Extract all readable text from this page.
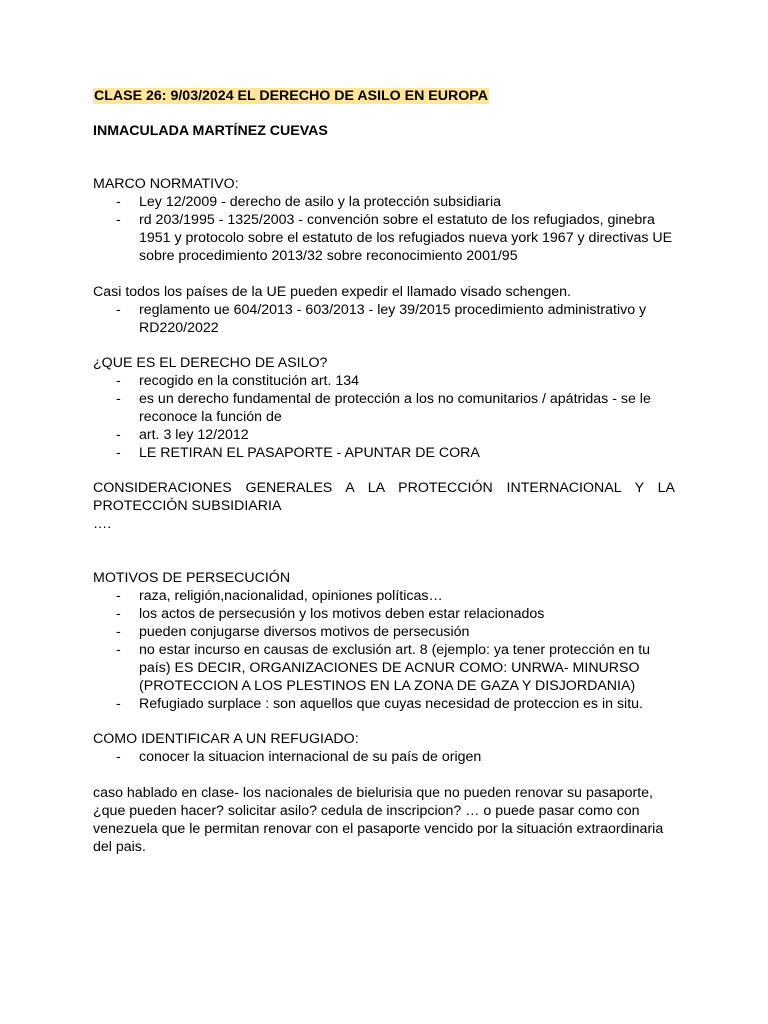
CLASE 26: 9/03/2024 EL DERECHO DE ASILO EN EUROPA

INMACULADA MARTÍNEZ CUEVAS

MARCO NORMATIVO:

- Ley 12/2009 - derecho de asilo y la protección subsidiaria
- rd 203/1995 - 1325/2003 - convención sobre el estatuto de los refugiados, ginebra 1951 y protocolo sobre el estatuto de los refugiados nueva york 1967 y directivas UE sobre procedimiento 2013/32 sobre reconocimiento 2001/95

Casi todos los países de la UE pueden expedir el llamado visado schengen.

- reglamento ue 604/2013 - 603/2013 - ley 39/2015 procedimiento administrativo y RD220/2022

¿QUE ES EL DERECHO DE ASILO?

- recogido en la constitución art. 134
- es un derecho fundamental de protección a los no comunitarios / apátridas - se le reconoce la función de
- art. 3 ley 12/2012
- LE RETIRAN EL PASAPORTE - APUNTAR DE CORA

CONSIDERACIONES GENERALES A LA PROTECCIÓN INTERNACIONAL Y LA

PROTECCIÓN SUBSIDIARIA

….

MOTIVOS DE PERSECUCIÓN

- raza, religión,nacionalidad, opiniones políticas…
- los actos de persecusión y los motivos deben estar relacionados
- pueden conjugarse diversos motivos de persecusión
- no estar incurso en causas de exclusión art. 8 (ejemplo: ya tener protección en tu país) ES DECIR, ORGANIZACIONES DE ACNUR COMO: UNRWA- MINURSO (PROTECCION A LOS PLESTINOS EN LA ZONA DE GAZA Y DISJORDANIA)
- Refugiado surplace : son aquellos que cuyas necesidad de proteccion es in situ.

COMO IDENTIFICAR A UN REFUGIADO:

- conocer la situacion internacional de su país de origen

caso hablado en clase- los nacionales de bielurisia que no pueden renovar su pasaporte, ¿que pueden hacer? solicitar asilo? cedula de inscripcion? … o puede pasar como con venezuela que le permitan renovar con el pasaporte vencido por la situación extraordinaria del pais.
